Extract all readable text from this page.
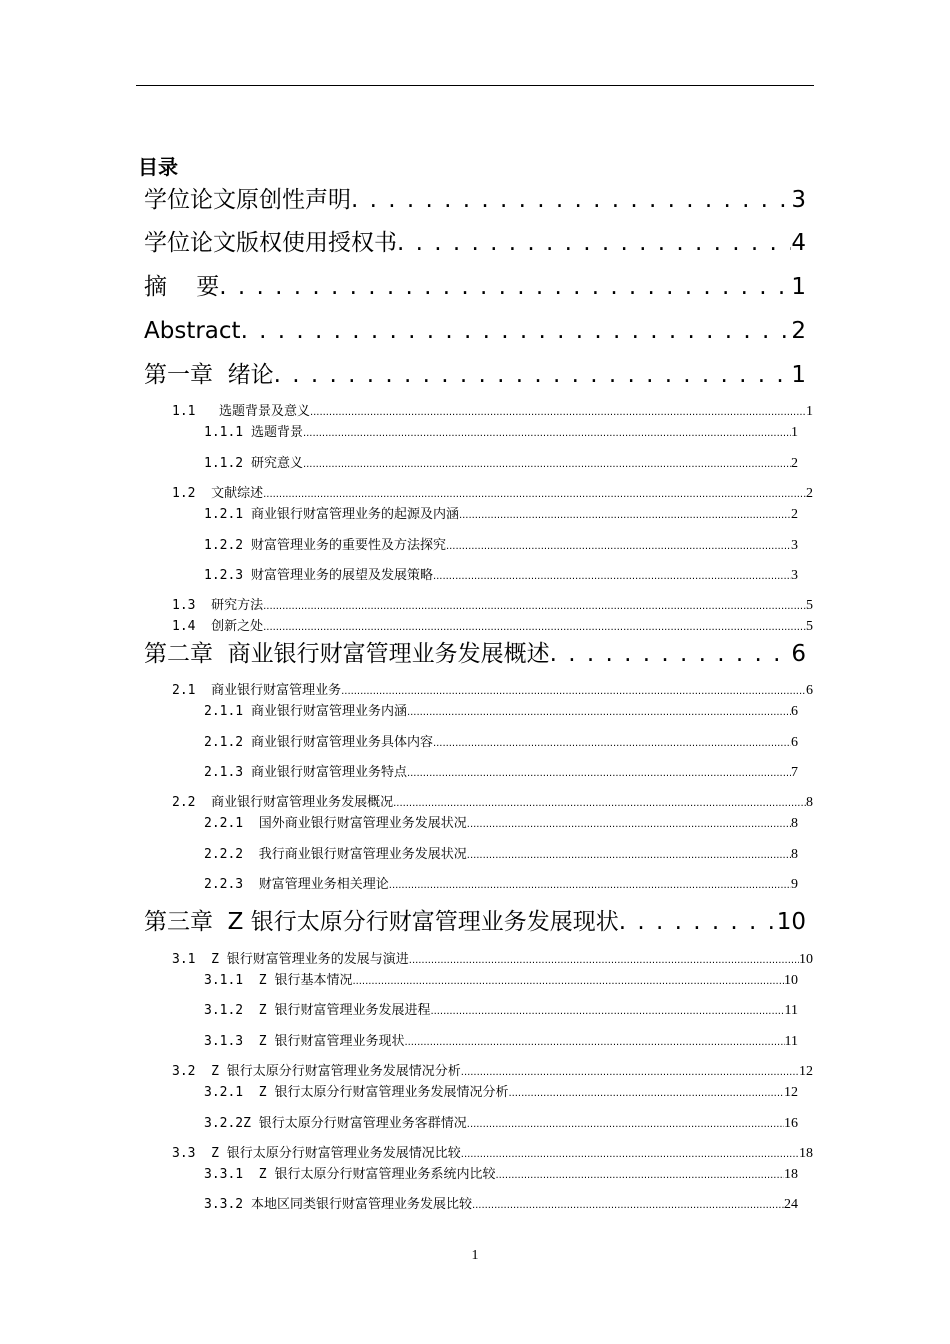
目录
学位论文原创性声明 . . .	3
学位论文版权使用授权书 . . .	4
摘    要 . . .	1
Abstract . . .	2
第一章  绪论 . . .	1
1.1   选题背景及意义 . . .	1
1.1.1 选题背景 . . .	1
1.1.2 研究意义 . . .	2
1.2  文献综述 . . .	2
1.2.1 商业银行财富管理业务的起源及内涵 . . .	2
1.2.2 财富管理业务的重要性及方法探究 . . .	3
1.2.3 财富管理业务的展望及发展策略 . . .	3
1.3  研究方法 . . .	5
1.4  创新之处 . . .	5
第二章  商业银行财富管理业务发展概述 . . .	6
2.1  商业银行财富管理业务 . . .	6
2.1.1 商业银行财富管理业务内涵 . . .	6
2.1.2 商业银行财富管理业务具体内容 . . .	6
2.1.3 商业银行财富管理业务特点 . . .	7
2.2  商业银行财富管理业务发展概况 . . .	8
2.2.1  国外商业银行财富管理业务发展状况 . . .	8
2.2.2  我行商业银行财富管理业务发展状况 . . .	8
2.2.3  财富管理业务相关理论 . . .	9
第三章  Z 银行太原分行财富管理业务发展现状 . . .	10
3.1  Z 银行财富管理业务的发展与演进 . . .	10
3.1.1  Z 银行基本情况 . . .	10
3.1.2  Z 银行财富管理业务发展进程 . . .	11
3.1.3  Z 银行财富管理业务现状 . . .	11
3.2  Z 银行太原分行财富管理业务发展情况分析 . . .	12
3.2.1  Z 银行太原分行财富管理业务发展情况分析 . . .	12
3.2.2Z 银行太原分行财富管理业务客群情况 . . .	16
3.3  Z 银行太原分行财富管理业务发展情况比较 . . .	18
3.3.1  Z 银行太原分行财富管理业务系统内比较 . . .	18
3.3.2 本地区同类银行财富管理业务发展比较 . . .	24
1
